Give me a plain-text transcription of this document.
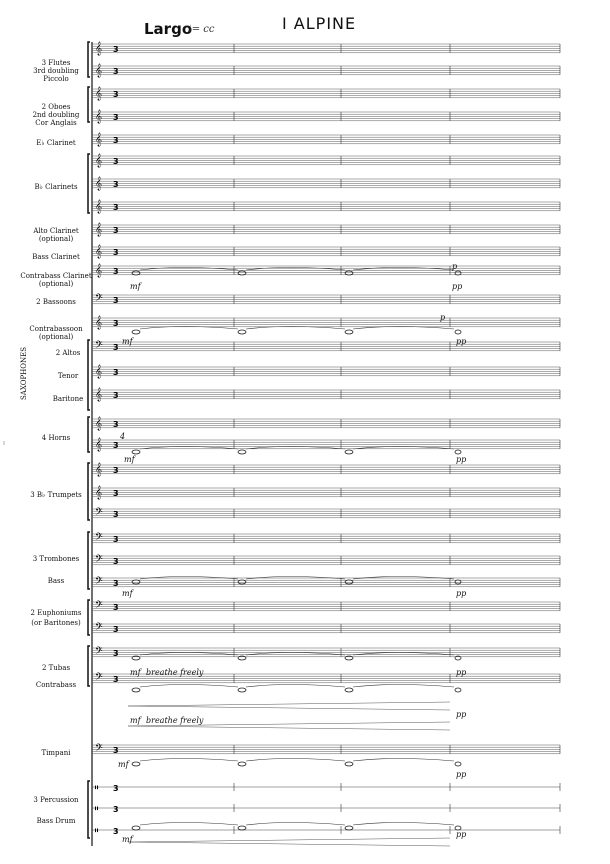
𝄞 3
𝄞 3
𝄞 3
𝄞 3
𝄞 3
𝄞 3
𝄞 3
𝄞 3
𝄞 3
𝄞 3
𝄞 3
𝄢 3
𝄞 3
𝄢 3
𝄞 3
𝄞 3
𝄞 3
𝄞 3
𝄞 3
𝄞 3
𝄢 3
𝄢 3
𝄢 3
𝄢 3
𝄢 3
𝄢 3
𝄢 3
𝄢 3
𝄢 3
𝄥 3
𝄥 3
𝄥 3
Largo
♩= cc	I ALPINE
3 Flutes
3rd doubling
Piccolo
2 Oboes
2nd doubling
Cor Anglais
E♭ Clarinet
B♭ Clarinets
Alto Clarinet
(optional)
Bass Clarinet
Contrabass Clarinet
(optional)
2 Bassoons
Contrabassoon
(optional)
SAXOPHONES	2 Altos
Tenor
Baritone
4 Horns
3 B♭ Trumpets
3 Trombones
Bass
2 Euphoniums
(or Baritones)
2 Tubas
Contrabass
Timpani
3 Percussion
Bass Drum
mf	pp
p
mf	pp
p
mf	pp
4
mf	pp
mf breathe freely	pp
mf breathe freely
pp
mf
pp
mf
pp
